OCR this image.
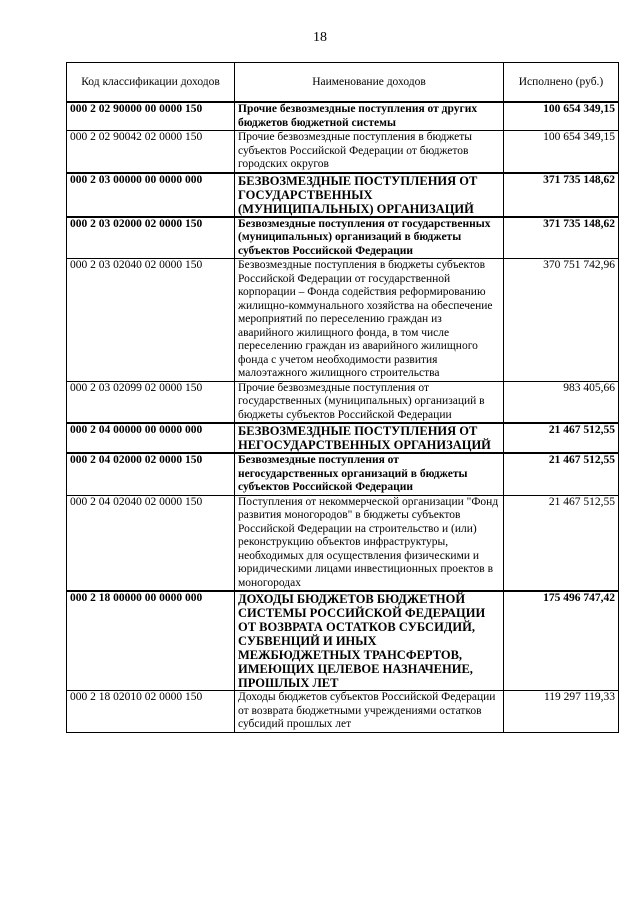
18
Код классификации доходов	Наименование доходов	Исполнено (руб.)
000 2 02 90000 00 0000 150	Прочие безвозмездные поступления от других бюджетов бюджетной системы	100 654 349,15
000 2 02 90042 02 0000 150	Прочие безвозмездные поступления в бюджеты субъектов Российской Федерации от бюджетов городских округов	100 654 349,15
000 2 03 00000 00 0000 000	БЕЗВОЗМЕЗДНЫЕ ПОСТУПЛЕНИЯ ОТ ГОСУДАРСТВЕННЫХ (МУНИЦИПАЛЬНЫХ) ОРГАНИЗАЦИЙ	371 735 148,62
000 2 03 02000 02 0000 150	Безвозмездные поступления от государственных (муниципальных) организаций в бюджеты субъектов Российской Федерации	371 735 148,62
000 2 03 02040 02 0000 150	Безвозмездные поступления в бюджеты субъектов Российской Федерации от государственной корпорации – Фонда содействия реформированию жилищно-коммунального хозяйства на обеспечение мероприятий по переселению граждан из аварийного жилищного фонда, в том числе переселению граждан из аварийного жилищного фонда с учетом необходимости развития малоэтажного жилищного строительства	370 751 742,96
000 2 03 02099 02 0000 150	Прочие безвозмездные поступления от государственных (муниципальных) организаций в бюджеты субъектов Российской Федерации	983 405,66
000 2 04 00000 00 0000 000	БЕЗВОЗМЕЗДНЫЕ ПОСТУПЛЕНИЯ ОТ НЕГОСУДАРСТВЕННЫХ ОРГАНИЗАЦИЙ	21 467 512,55
000 2 04 02000 02 0000 150	Безвозмездные поступления от негосударственных организаций в бюджеты субъектов Российской Федерации	21 467 512,55
000 2 04 02040 02 0000 150	Поступления от некоммерческой организации "Фонд развития моногородов" в бюджеты субъектов Российской Федерации на строительство и (или) реконструкцию объектов инфраструктуры, необходимых для осуществления физическими и юридическими лицами инвестиционных проектов в моногородах	21 467 512,55
000 2 18 00000 00 0000 000	ДОХОДЫ БЮДЖЕТОВ БЮДЖЕТНОЙ СИСТЕМЫ РОССИЙСКОЙ ФЕДЕРАЦИИ ОТ ВОЗВРАТА ОСТАТКОВ СУБСИДИЙ, СУБВЕНЦИЙ И ИНЫХ МЕЖБЮДЖЕТНЫХ ТРАНСФЕРТОВ, ИМЕЮЩИХ ЦЕЛЕВОЕ НАЗНАЧЕНИЕ, ПРОШЛЫХ ЛЕТ	175 496 747,42
000 2 18 02010 02 0000 150	Доходы бюджетов субъектов Российской Федерации от возврата бюджетными учреждениями остатков субсидий прошлых лет	119 297 119,33
